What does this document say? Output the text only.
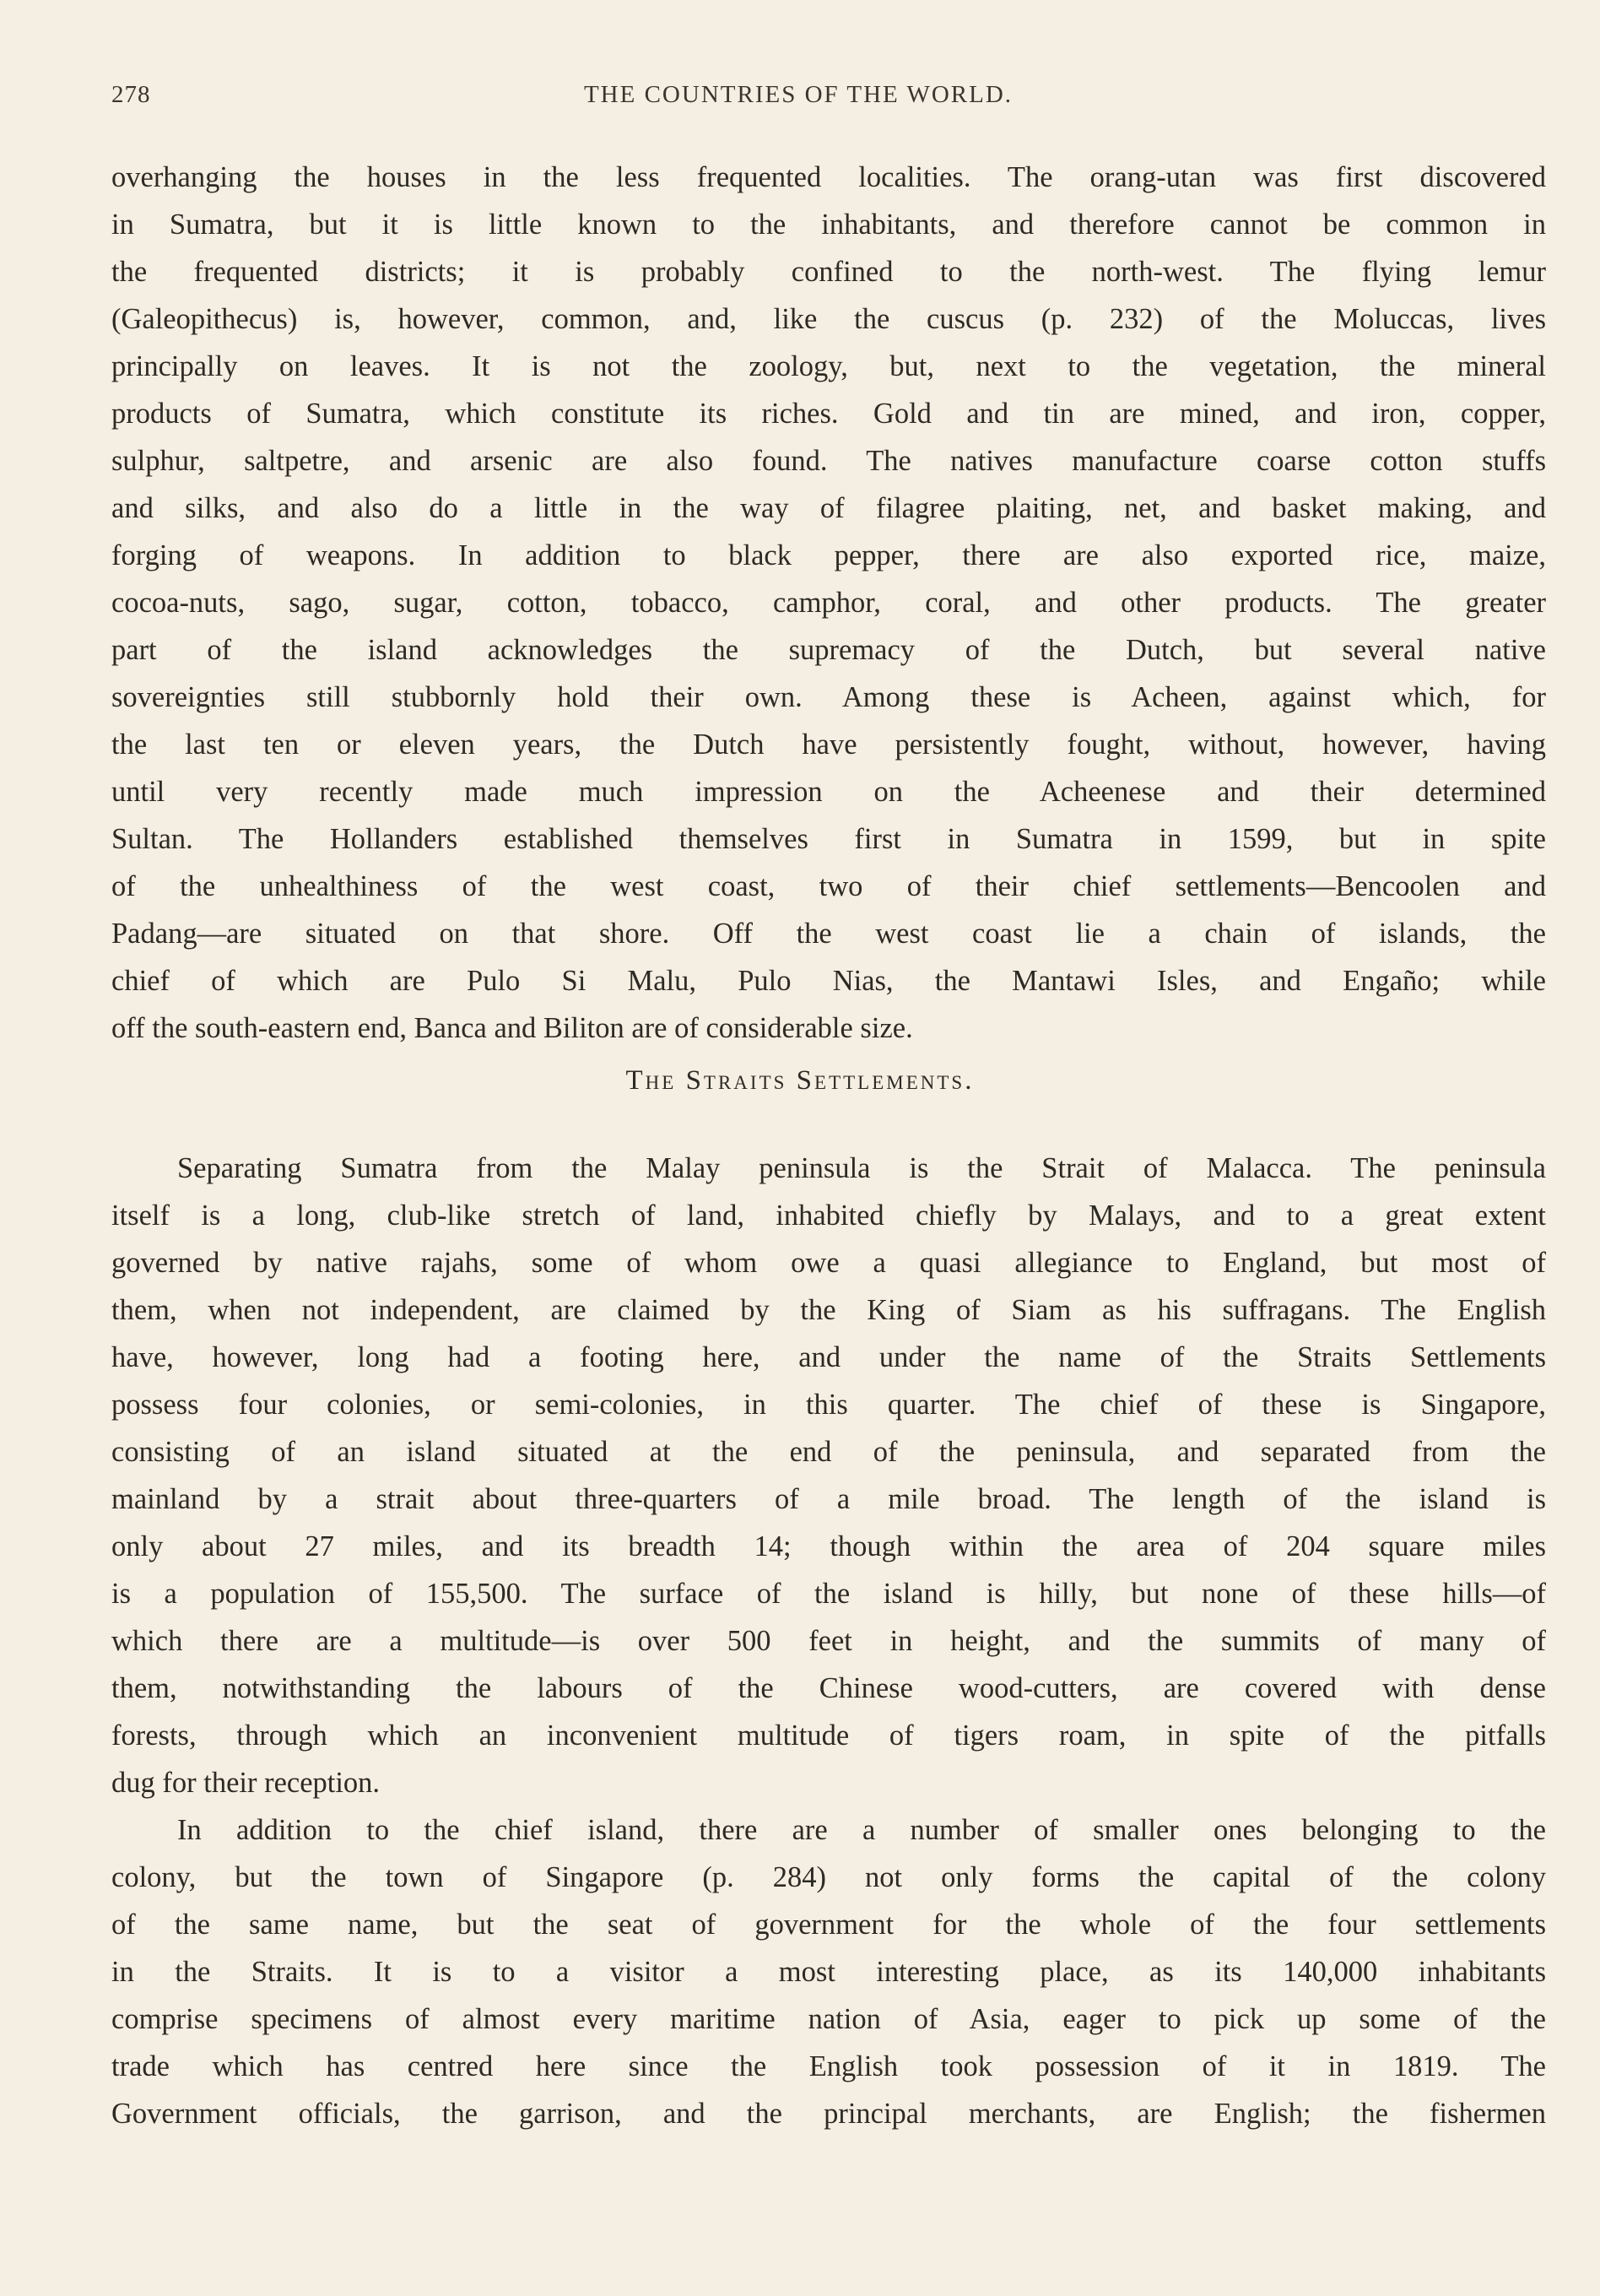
278	THE COUNTRIES OF THE WORLD.
overhanging the houses in the less frequented localities. The orang-utan was first discovered
in Sumatra, but it is little known to the inhabitants, and therefore cannot be common in
the frequented districts; it is probably confined to the north-west. The flying lemur
(Galeopithecus) is, however, common, and, like the cuscus (p. 232) of the Moluccas, lives
principally on leaves. It is not the zoology, but, next to the vegetation, the mineral
products of Sumatra, which constitute its riches. Gold and tin are mined, and iron, copper,
sulphur, saltpetre, and arsenic are also found. The natives manufacture coarse cotton stuffs
and silks, and also do a little in the way of filagree plaiting, net, and basket making, and
forging of weapons. In addition to black pepper, there are also exported rice, maize,
cocoa-nuts, sago, sugar, cotton, tobacco, camphor, coral, and other products. The greater
part of the island acknowledges the supremacy of the Dutch, but several native
sovereignties still stubbornly hold their own. Among these is Acheen, against which, for
the last ten or eleven years, the Dutch have persistently fought, without, however, having
until very recently made much impression on the Acheenese and their determined
Sultan. The Hollanders established themselves first in Sumatra in 1599, but in spite
of the unhealthiness of the west coast, two of their chief settlements—Bencoolen and
Padang—are situated on that shore. Off the west coast lie a chain of islands, the
chief of which are Pulo Si Malu, Pulo Nias, the Mantawi Isles, and Engaño; while
off the south-eastern end, Banca and Biliton are of considerable size.
The Straits Settlements.
Separating Sumatra from the Malay peninsula is the Strait of Malacca. The peninsula
itself is a long, club-like stretch of land, inhabited chiefly by Malays, and to a great extent
governed by native rajahs, some of whom owe a quasi allegiance to England, but most of
them, when not independent, are claimed by the King of Siam as his suffragans. The English
have, however, long had a footing here, and under the name of the Straits Settlements
possess four colonies, or semi-colonies, in this quarter. The chief of these is Singapore,
consisting of an island situated at the end of the peninsula, and separated from the
mainland by a strait about three-quarters of a mile broad. The length of the island is
only about 27 miles, and its breadth 14; though within the area of 204 square miles
is a population of 155,500. The surface of the island is hilly, but none of these hills—of
which there are a multitude—is over 500 feet in height, and the summits of many of
them, notwithstanding the labours of the Chinese wood-cutters, are covered with dense
forests, through which an inconvenient multitude of tigers roam, in spite of the pitfalls
dug for their reception.
In addition to the chief island, there are a number of smaller ones belonging to the
colony, but the town of Singapore (p. 284) not only forms the capital of the colony
of the same name, but the seat of government for the whole of the four settlements
in the Straits. It is to a visitor a most interesting place, as its 140,000 inhabitants
comprise specimens of almost every maritime nation of Asia, eager to pick up some of the
trade which has centred here since the English took possession of it in 1819. The
Government officials, the garrison, and the principal merchants, are English; the fishermen
